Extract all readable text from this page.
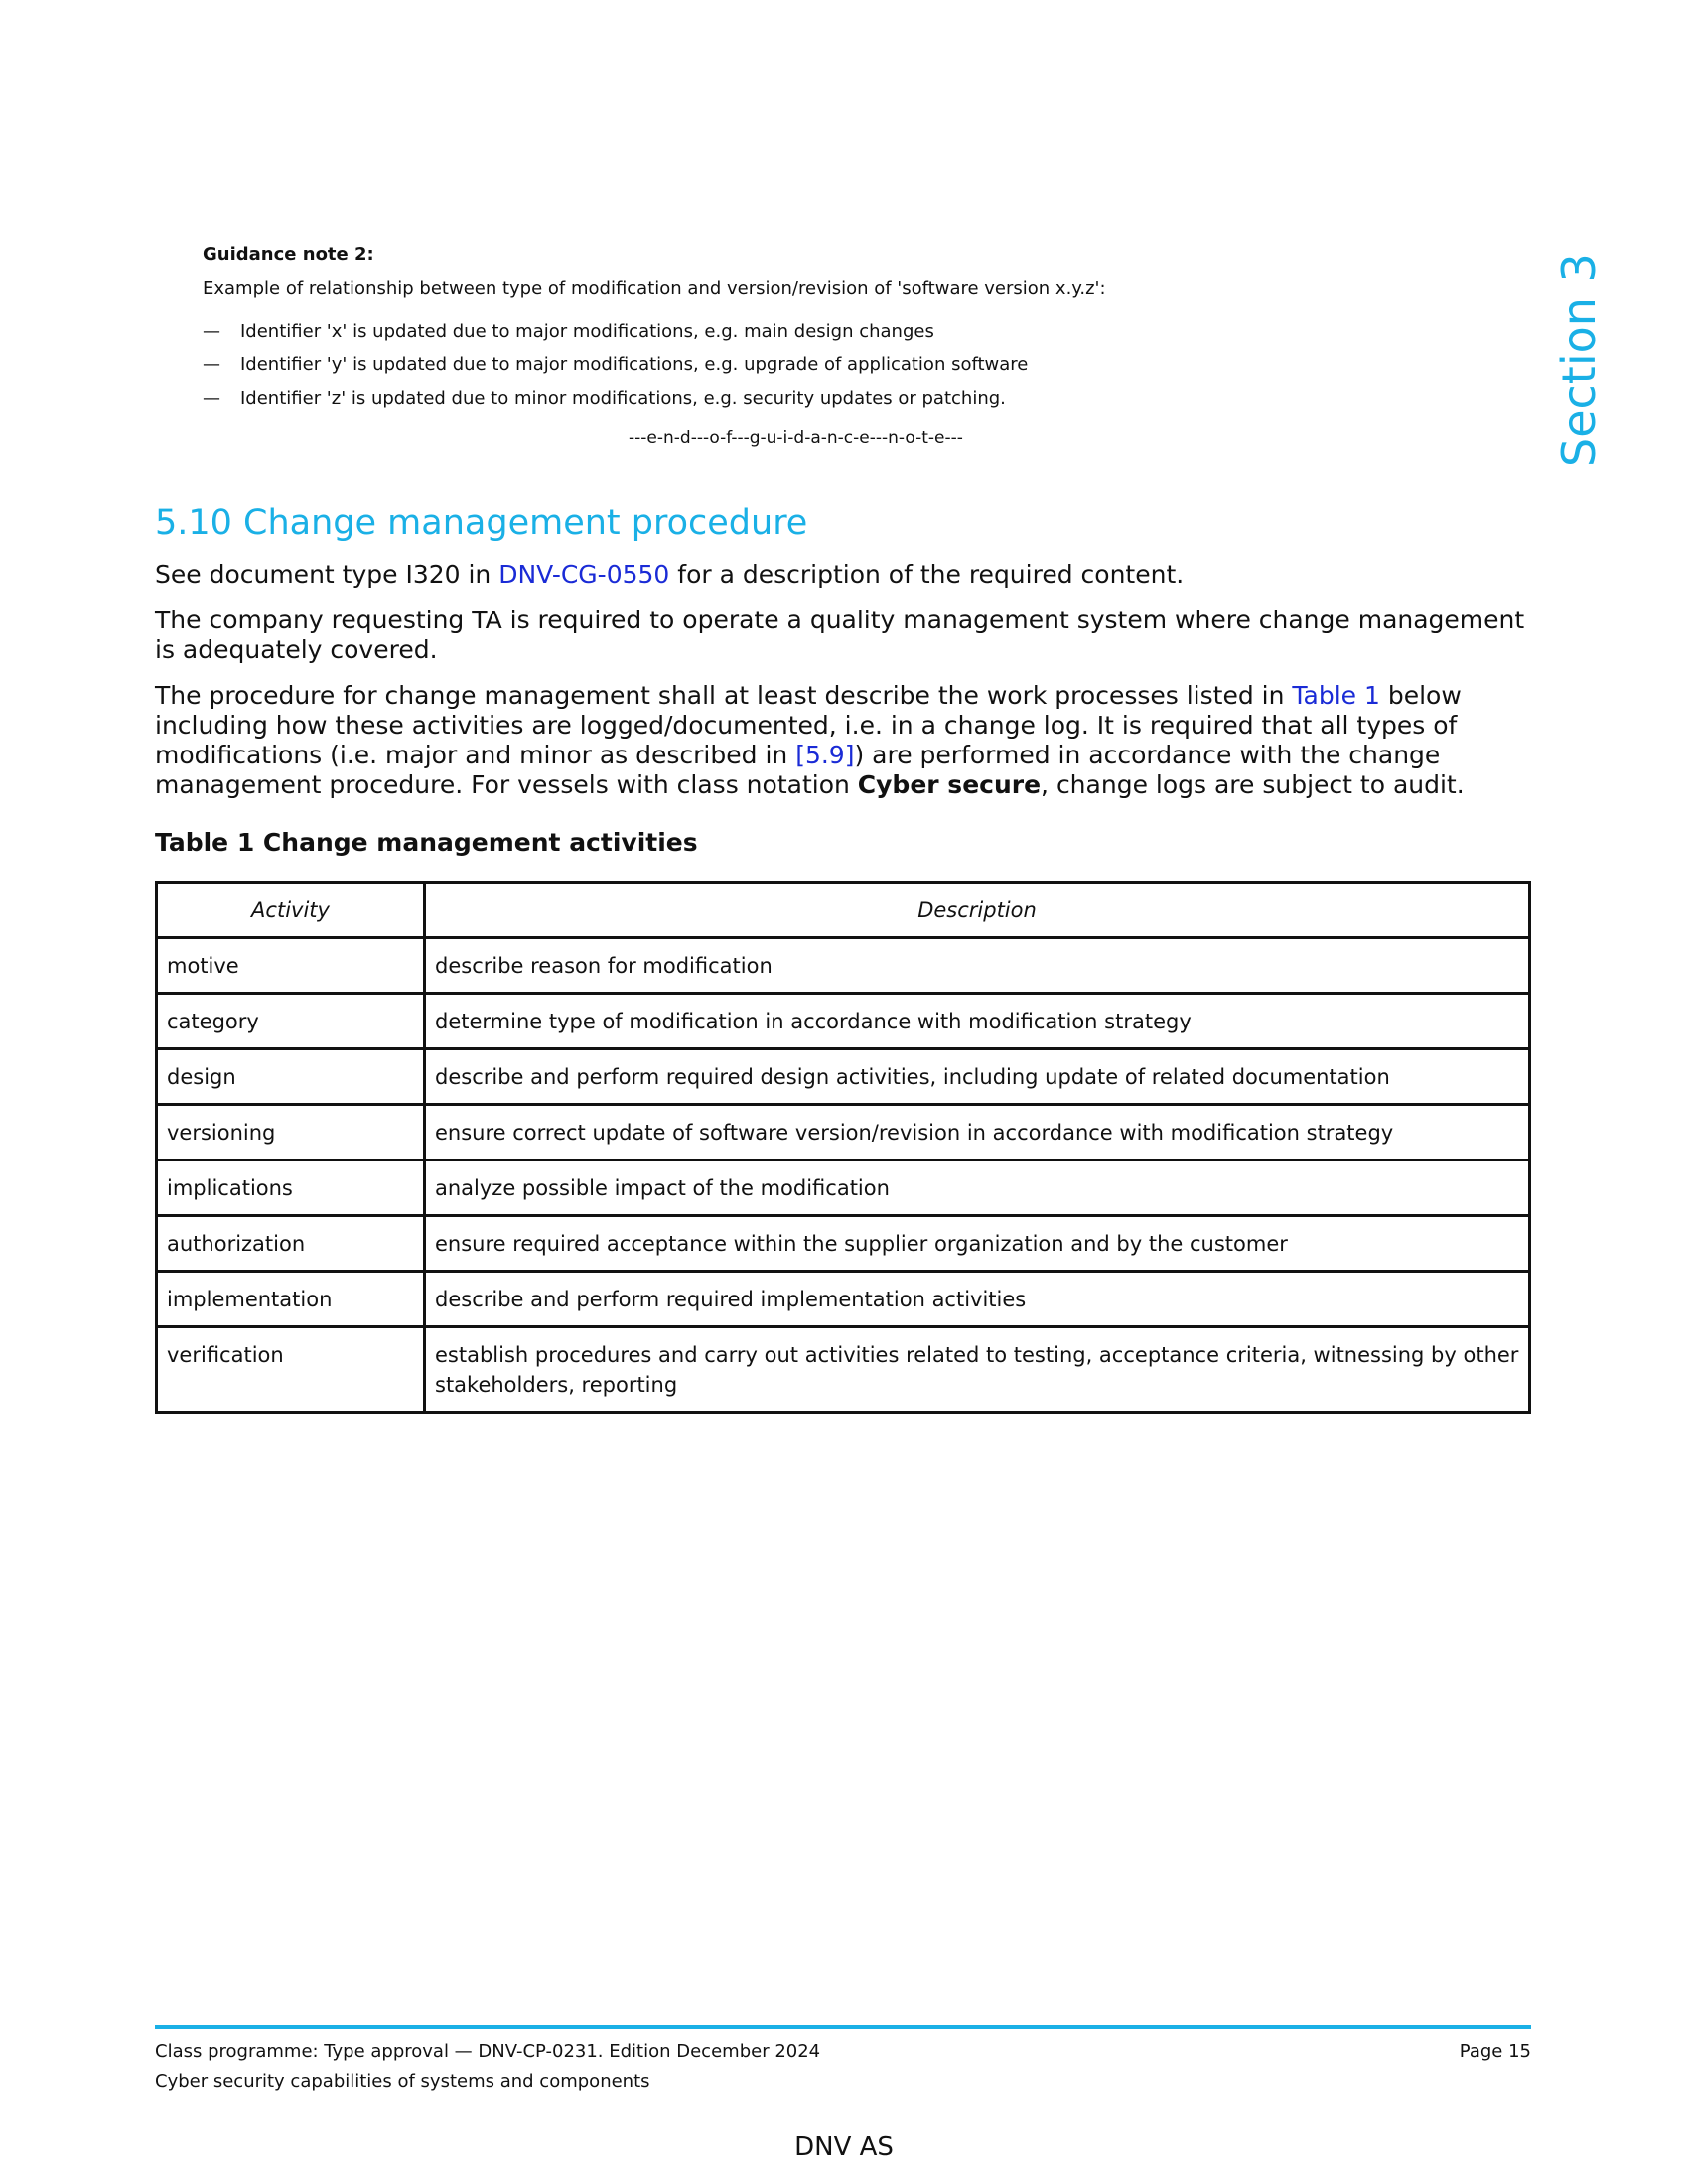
Guidance note 2:

Example of relationship between type of modification and version/revision of 'software version x.y.z':

— Identifier 'x' is updated due to major modifications, e.g. main design changes
— Identifier 'y' is updated due to major modifications, e.g. upgrade of application software
— Identifier 'z' is updated due to minor modifications, e.g. security updates or patching.

---e-n-d---o-f---g-u-i-d-a-n-c-e---n-o-t-e---	Section 3
5.10 Change management procedure

See document type I320 in DNV-CG-0550 for a description of the required content.

The company requesting TA is required to operate a quality management system where change management is adequately covered.

The procedure for change management shall at least describe the work processes listed in Table 1 below including how these activities are logged/documented, i.e. in a change log. It is required that all types of modifications (i.e. major and minor as described in [5.9]) are performed in accordance with the change management procedure. For vessels with class notation Cyber secure, change logs are subject to audit.

Table 1 Change management activities
Activity	Description
motive	describe reason for modification
category	determine type of modification in accordance with modification strategy
design	describe and perform required design activities, including update of related documentation
versioning	ensure correct update of software version/revision in accordance with modification strategy
implications	analyze possible impact of the modification
authorization	ensure required acceptance within the supplier organization and by the customer
implementation	describe and perform required implementation activities
verification	establish procedures and carry out activities related to testing, acceptance criteria, witnessing by other stakeholders, reporting
Class programme: Type approval — DNV-CP-0231. Edition December 2024	Page 15
Cyber security capabilities of systems and components
DNV AS
